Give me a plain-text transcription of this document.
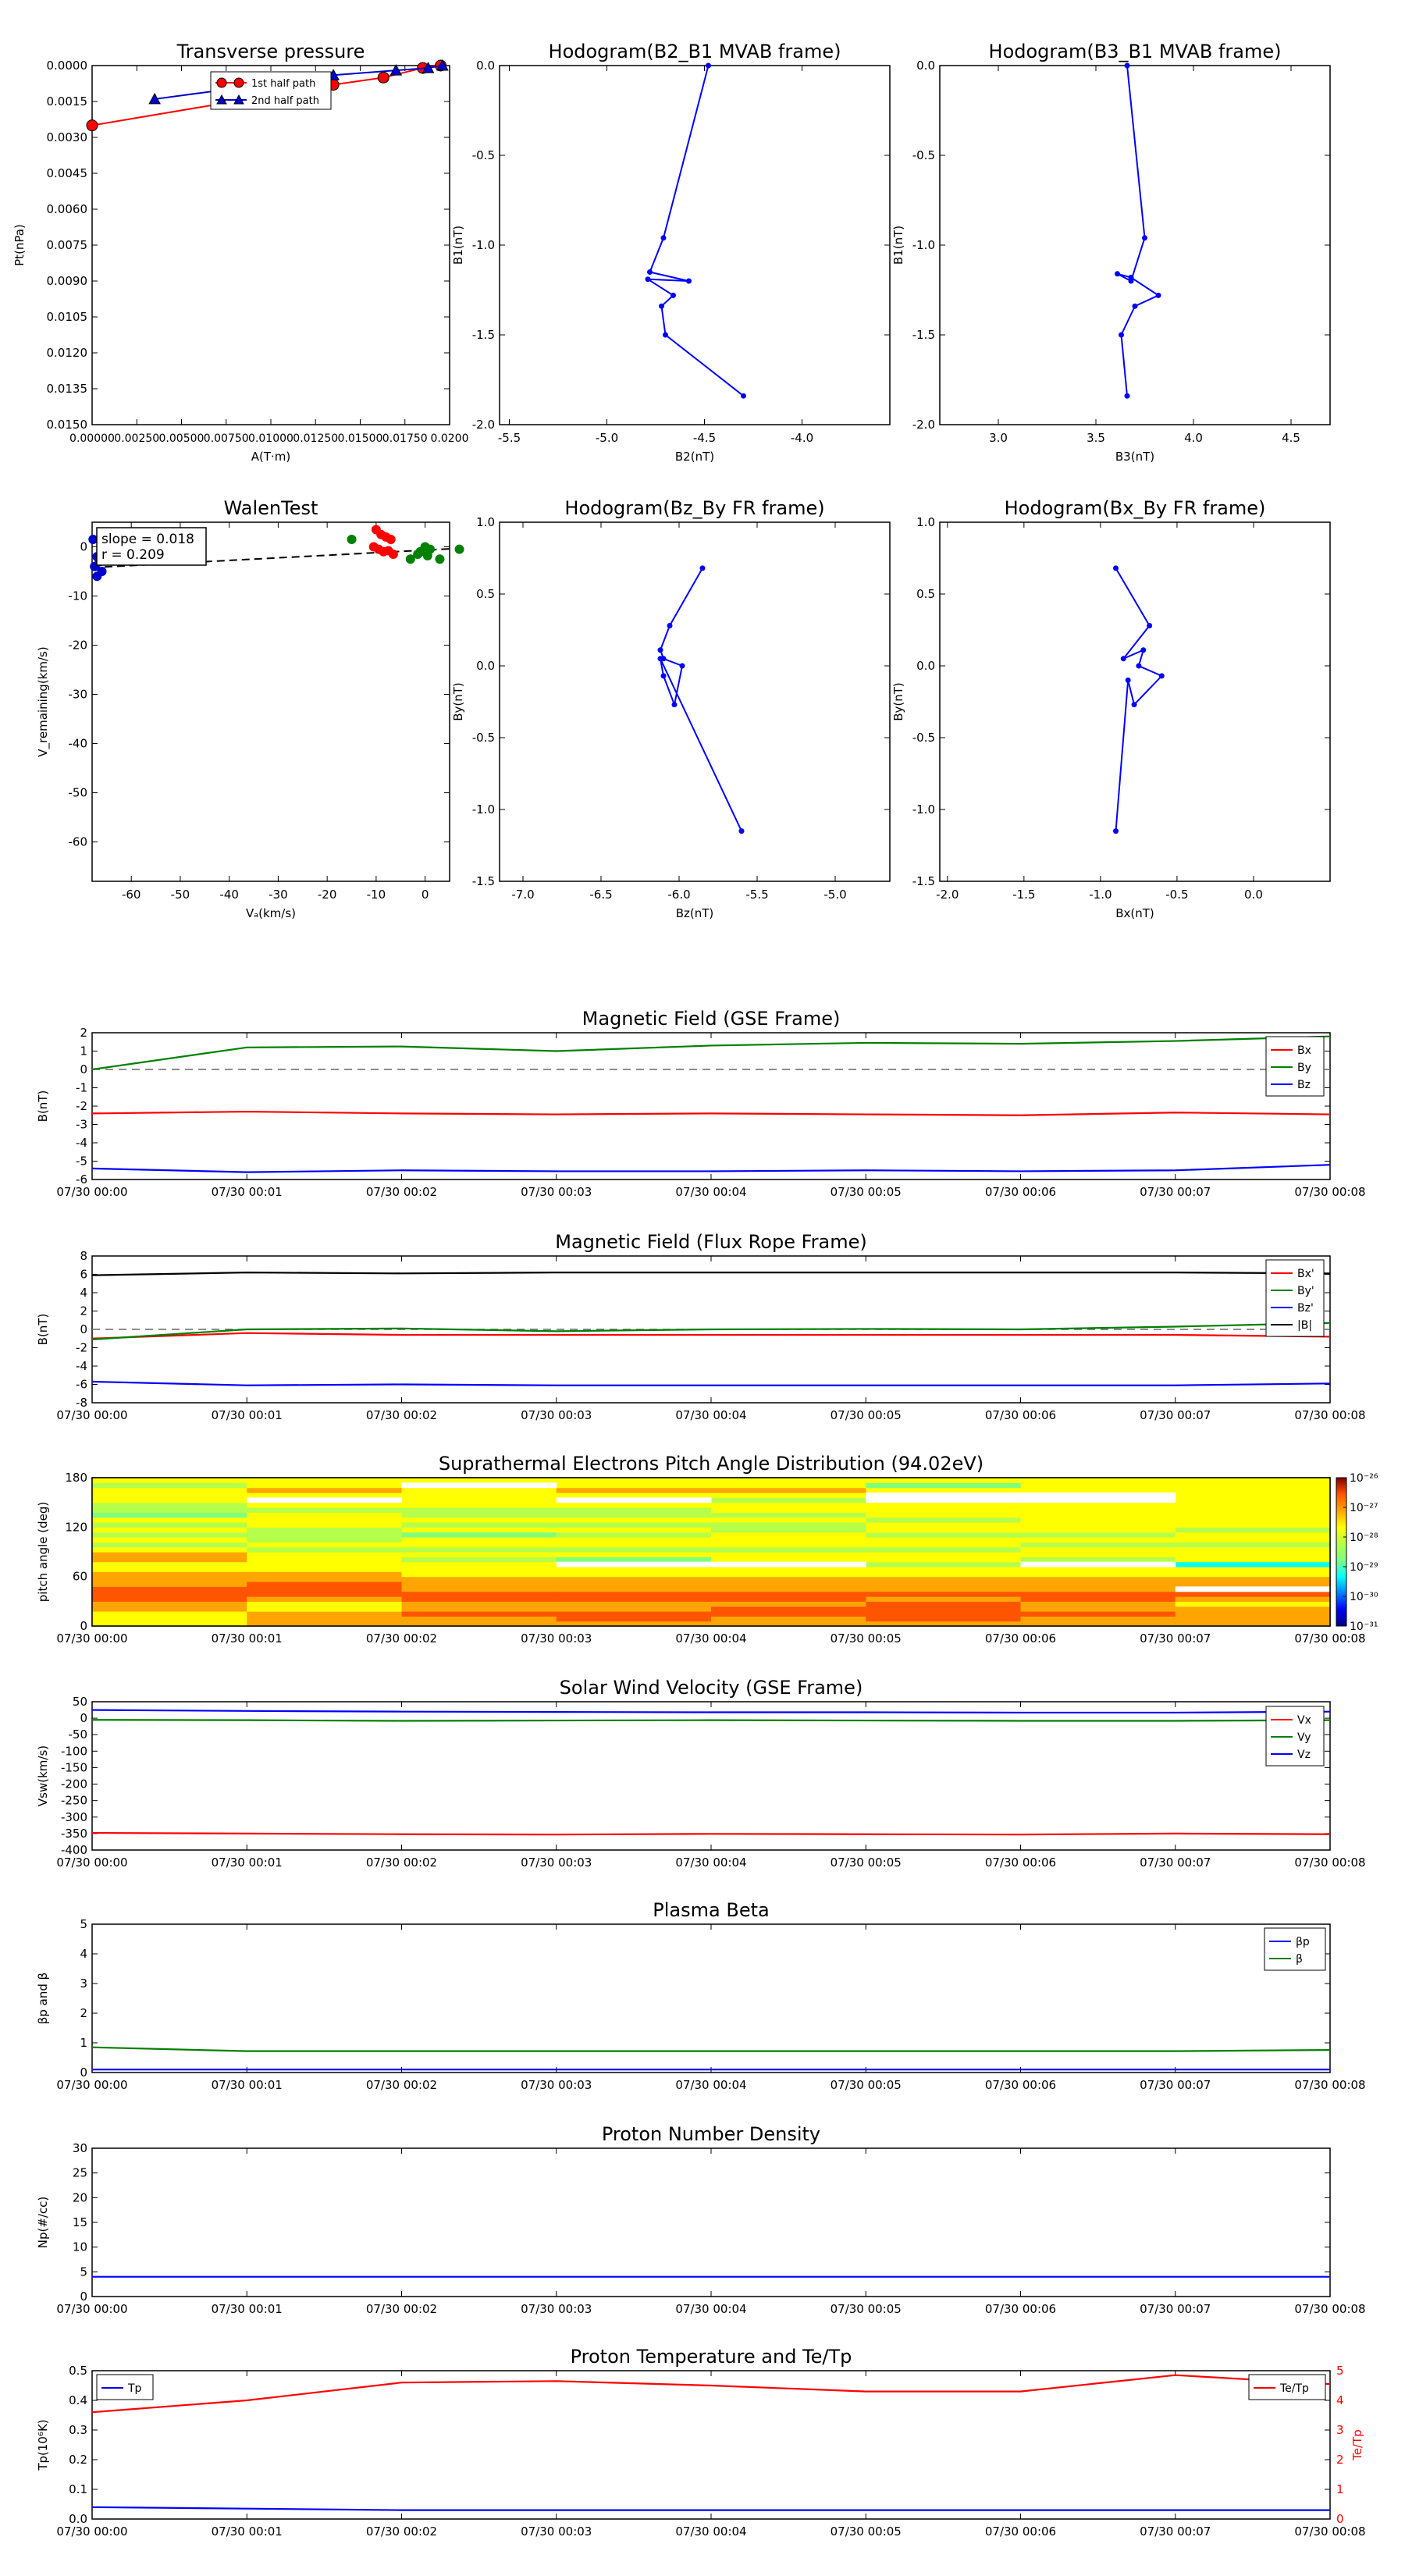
Transverse pressure
0.00000 0.00250 0.00500 0.00750 0.01000 0.01250 0.01500 0.01750 0.0200
0.0000
0.0015
0.0030
0.0045
0.0060
0.0075
0.0090
0.0105
0.0120
0.0135
0.0150
A(T·m)
Pt(nPa)
1st half path
2nd half path
Hodogram(B2_B1 MVAB frame)
-5.5	-5.0	-4.5	-4.0
0.0
-0.5
-1.0
-1.5
-2.0
B2(nT)
B1(nT)
Hodogram(B3_B1 MVAB frame)
3.0	3.5	4.0	4.5
0.0
-0.5
-1.0
-1.5
-2.0
B3(nT)
B1(nT)
WalenTest
-60	-50	-40	-30	-20	-10	0
0
-10
-20
-30
-40
-50
-60
Vₐ(km/s)
V_remaining(km/s)
slope = 0.018
r = 0.209
Hodogram(Bz_By FR frame)
-7.0	-6.5	-6.0	-5.5	-5.0
1.0
0.5
0.0
-0.5
-1.0
-1.5
Bz(nT)
By(nT)
Hodogram(Bx_By FR frame)
-2.0	-1.5	-1.0	-0.5	0.0
1.0
0.5
0.0
-0.5
-1.0
-1.5
Bx(nT)
By(nT)
Magnetic Field (GSE Frame)
07/30 00:00	07/30 00:01	07/30 00:02	07/30 00:03	07/30 00:04	07/30 00:05	07/30 00:06	07/30 00:07	07/30 00:08
2
1
0
-1
-2
-3
-4
-5
-6
B(nT)
Bx
By
Bz
Magnetic Field (Flux Rope Frame)
07/30 00:00	07/30 00:01	07/30 00:02	07/30 00:03	07/30 00:04	07/30 00:05	07/30 00:06	07/30 00:07	07/30 00:08
8
6
4
2
0
-2
-4
-6
-8
B(nT)
Bx'
By'
Bz'
|B|
Suprathermal Electrons Pitch Angle Distribution (94.02eV)
07/30 00:00	07/30 00:01	07/30 00:02	07/30 00:03	07/30 00:04	07/30 00:05	07/30 00:06	07/30 00:07	07/30 00:08
180
120
60
0
pitch angle (deg)
10⁻²⁶
10⁻²⁷
10⁻²⁸
10⁻²⁹
10⁻³⁰
10⁻³¹
Solar Wind Velocity (GSE Frame)
07/30 00:00	07/30 00:01	07/30 00:02	07/30 00:03	07/30 00:04	07/30 00:05	07/30 00:06	07/30 00:07	07/30 00:08
50
0
-50
-100
-150
-200
-250
-300
-350
-400
Vsw(km/s)
Vx
Vy
Vz
Plasma Beta
07/30 00:00	07/30 00:01	07/30 00:02	07/30 00:03	07/30 00:04	07/30 00:05	07/30 00:06	07/30 00:07	07/30 00:08
5
4
3
2
1
0
βp and β
βp
β
Proton Number Density
07/30 00:00	07/30 00:01	07/30 00:02	07/30 00:03	07/30 00:04	07/30 00:05	07/30 00:06	07/30 00:07	07/30 00:08
30
25
20
15
10
5
0
Np(#/cc)
Proton Temperature and Te/Tp
07/30 00:00	07/30 00:01	07/30 00:02	07/30 00:03	07/30 00:04	07/30 00:05	07/30 00:06	07/30 00:07	07/30 00:08
0.5
0.4
0.3
0.2
0.1
0.0
Tp(10⁶K)
5
4
3
2
1
0
Te/Tp
Tp	Te/Tp
